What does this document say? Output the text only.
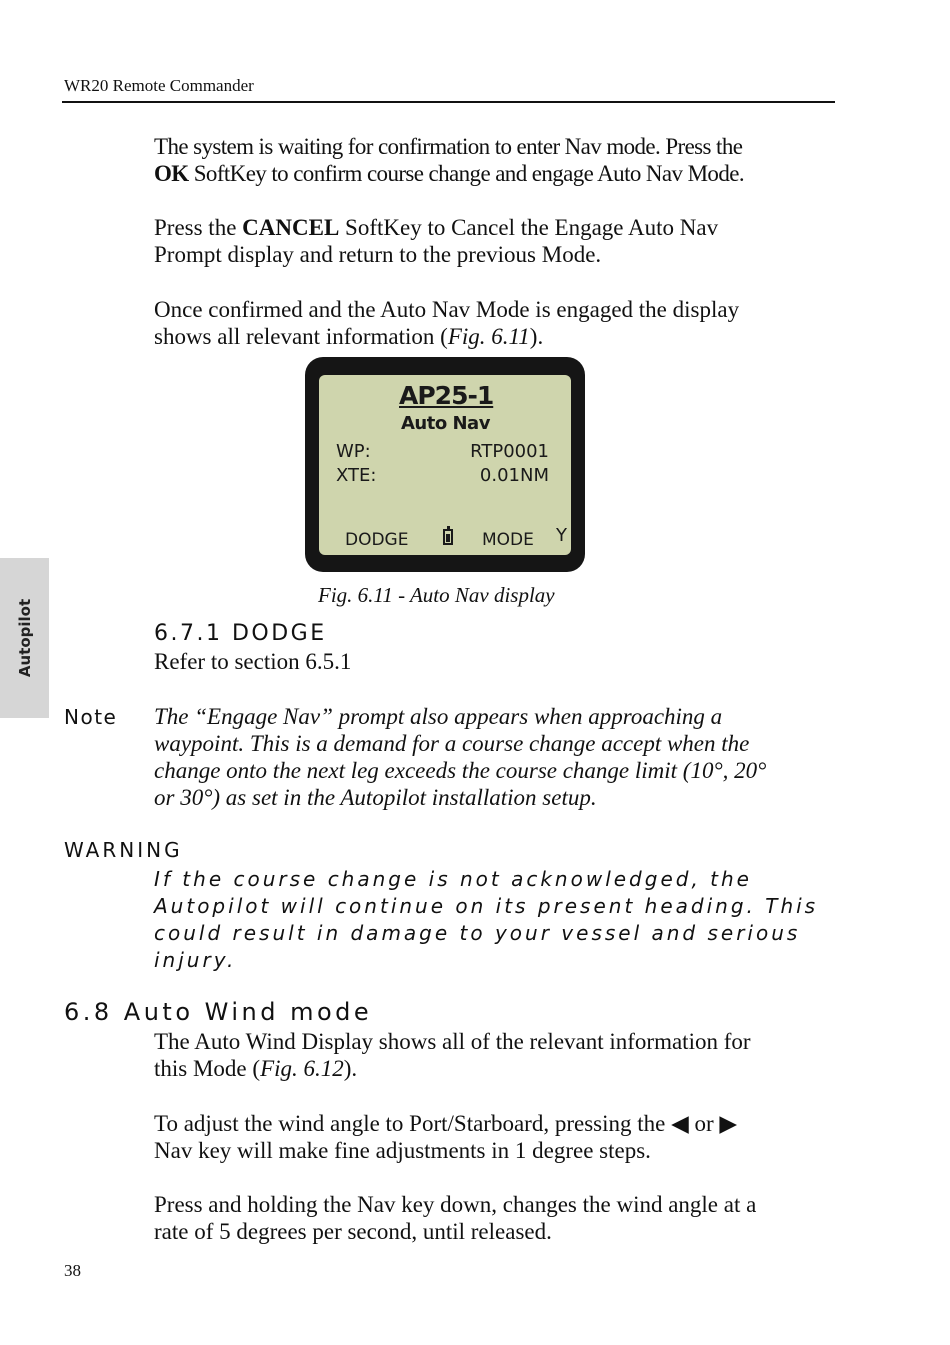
WR20 Remote Commander
Autopilot
The system is waiting for confirmation to enter Nav mode. Press the
OK SoftKey to confirm course change and engage Auto Nav Mode.
Press the CANCEL SoftKey to Cancel the Engage Auto Nav
Prompt display and return to the previous Mode.
Once confirmed and the Auto Nav Mode is engaged the display
shows all relevant information (Fig. 6.11).
AP25-1
Auto Nav
WP:	RTP0001
XTE:	0.01NM
DODGE	MODE Y
Fig. 6.11 - Auto Nav display
6.7.1 DODGE
Refer to section 6.5.1
Note The “Engage Nav” prompt also appears when approaching a
waypoint. This is a demand for a course change accept when the
change onto the next leg exceeds the course change limit (10°, 20°
or 30°) as set in the Autopilot installation setup.
WARNING
If the course change is not acknowledged, the
Autopilot will continue on its present heading. This
could result in damage to your vessel and serious
injury.
6.8 Auto Wind mode
The Auto Wind Display shows all of the relevant information for
this Mode (Fig. 6.12).
To adjust the wind angle to Port/Starboard, pressing the ◀ or ▶
Nav key will make fine adjustments in 1 degree steps.
Press and holding the Nav key down, changes the wind angle at a
rate of 5 degrees per second, until released.
38
